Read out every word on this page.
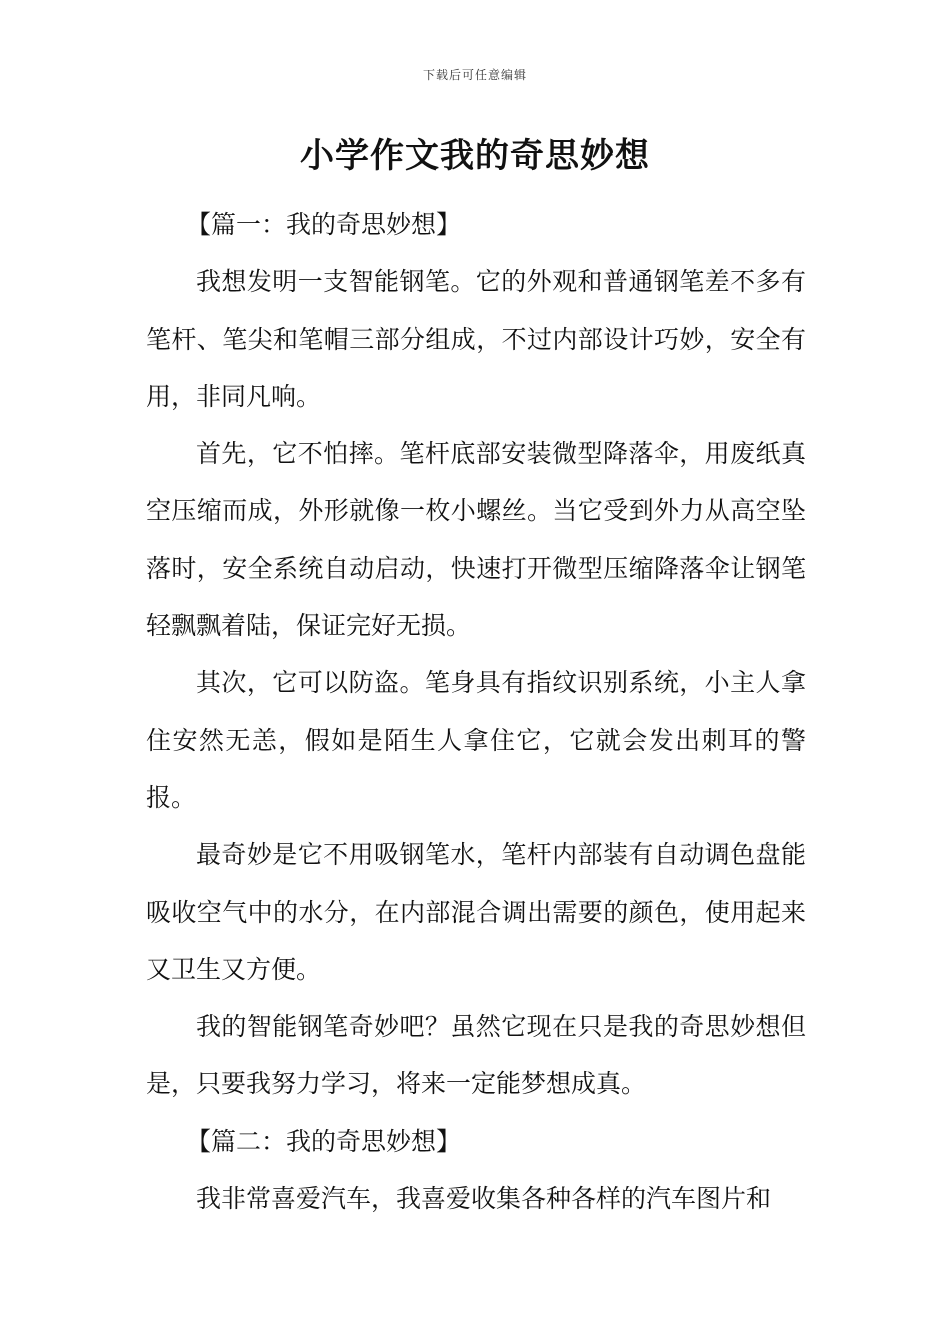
下载后可任意编辑
小学作文我的奇思妙想

【篇一：我的奇思妙想】

我想发明一支智能钢笔。它的外观和普通钢笔差不多有笔杆、笔尖和笔帽三部分组成，不过内部设计巧妙，安全有用，非同凡响。

首先，它不怕摔。笔杆底部安装微型降落伞，用废纸真空压缩而成，外形就像一枚小螺丝。当它受到外力从高空坠落时，安全系统自动启动，快速打开微型压缩降落伞让钢笔轻飘飘着陆，保证完好无损。

其次，它可以防盗。笔身具有指纹识别系统，小主人拿住安然无恙，假如是陌生人拿住它，它就会发出刺耳的警报。

最奇妙是它不用吸钢笔水，笔杆内部装有自动调色盘能吸收空气中的水分，在内部混合调出需要的颜色，使用起来又卫生又方便。

我的智能钢笔奇妙吧？虽然它现在只是我的奇思妙想但是，只要我努力学习，将来一定能梦想成真。

【篇二：我的奇思妙想】

我非常喜爱汽车，我喜爱收集各种各样的汽车图片和
